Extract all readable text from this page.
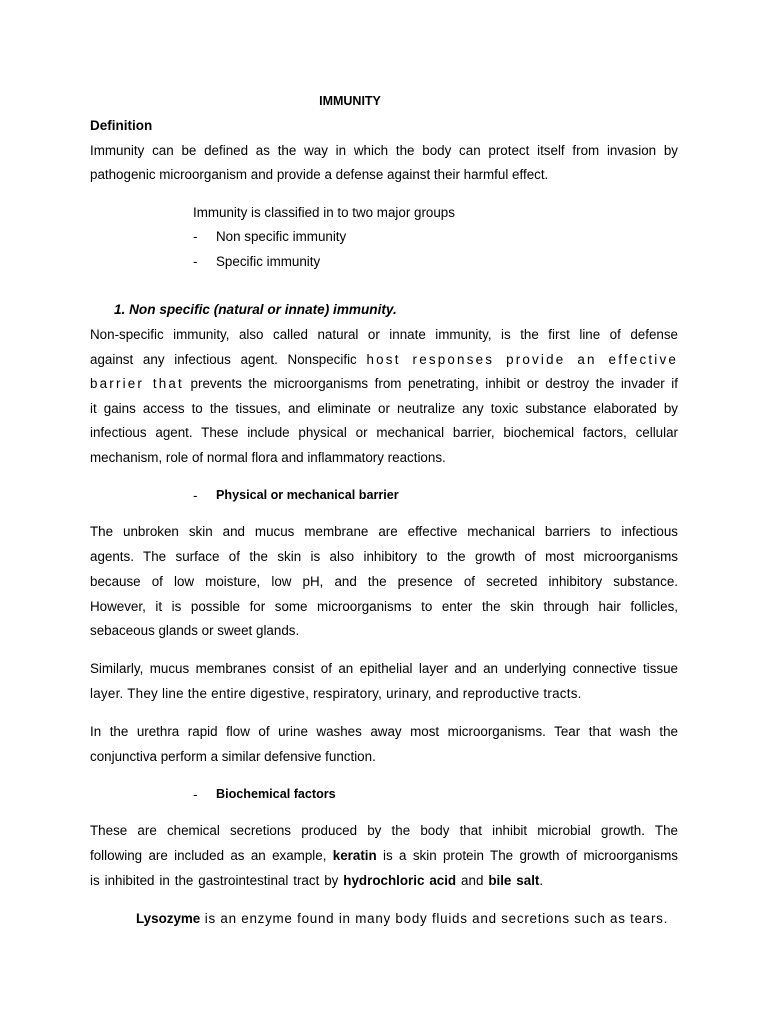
IMMUNITY
Definition
Immunity can be defined as the way in which the body can protect itself from invasion by
pathogenic microorganism and provide a defense against their harmful effect.
Immunity is classified in to two major groups
- Non specific immunity
- Specific immunity
1. Non specific (natural or innate) immunity.
Non-specific immunity, also called natural or innate immunity, is the first line of defense
against any infectious agent. Nonspecific host responses provide an effective
barrier that prevents the microorganisms from penetrating, inhibit or destroy the invader if
it gains access to the tissues, and eliminate or neutralize any toxic substance elaborated by
infectious agent. These include physical or mechanical barrier, biochemical factors, cellular
mechanism, role of normal flora and inflammatory reactions.
- Physical or mechanical barrier
The unbroken skin and mucus membrane are effective mechanical barriers to infectious
agents. The surface of the skin is also inhibitory to the growth of most microorganisms
because of low moisture, low pH, and the presence of secreted inhibitory substance.
However, it is possible for some microorganisms to enter the skin through hair follicles,
sebaceous glands or sweet glands.
Similarly, mucus membranes consist of an epithelial layer and an underlying connective tissue
layer. They line the entire digestive, respiratory, urinary, and reproductive tracts.
In the urethra rapid flow of urine washes away most microorganisms. Tear that wash the
conjunctiva perform a similar defensive function.
- Biochemical factors
These are chemical secretions produced by the body that inhibit microbial growth. The
following are included as an example, keratin is a skin protein The growth of microorganisms
is inhibited in the gastrointestinal tract by hydrochloric acid and bile salt.
Lysozyme is an enzyme found in many body fluids and secretions such as tears.
